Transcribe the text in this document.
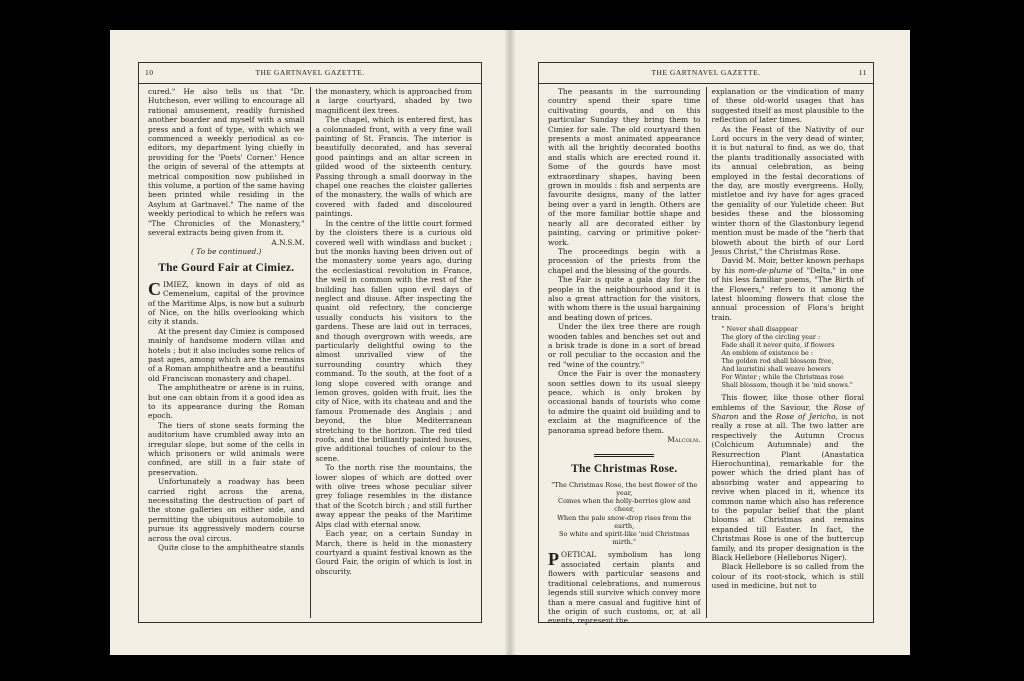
10	THE GARTNAVEL GAZETTE.

cured." He also tells us that "Dr. Hutcheson, ever willing to encourage all rational amusement, readily furnished another boarder and myself with a small press and a font of type, with which we commenced a weekly periodical as co-editors, my department lying chiefly in providing for the 'Poets' Corner.' Hence the origin of several of the attempts at metrical composition now published in this volume, a portion of the same having been printed while residing in the Asylum at Gartnavel." The name of the weekly periodical to which he refers was "The Chronicles of the Monastery," several extracts being given from it.

A.N.S.M.

( To be continued.)

The Gourd Fair at Cimiez.

CIMIEZ, known in days of old as Cemenelum, capital of the province of the Maritime Alps, is now but a suburb of Nice, on the hills overlooking which city it stands.

At the present day Cimiez is composed mainly of handsome modern villas and hotels ; but it also includes some relics of past ages, among which are the remains of a Roman amphitheatre and a beautiful old Franciscan monastery and chapel.

The amphitheatre or arène is in ruins, but one can obtain from it a good idea as to its appearance during the Roman epoch.

The tiers of stone seats forming the auditorium have crumbled away into an irregular slope, but some of the cells in which prisoners or wild animals were confined, are still in a fair state of preservation.

Unfortunately a roadway has been carried right across the arena, necessitating the destruction of part of the stone galleries on either side, and permitting the ubiquitous automobile to pursue its aggressively modern course across the oval circus.

Quite close to the amphitheatre stands

the monastery, which is approached from a large courtyard, shaded by two magnificent ilex trees.

The chapel, which is entered first, has a colonnaded front, with a very fine wall painting of St. Francis. The interior is beautifully decorated, and has several good paintings and an altar screen in gilded wood of the sixteenth century. Passing through a small doorway in the chapel one reaches the cloister galleries of the monastery, the walls of which are covered with faded and discoloured paintings.

In the centre of the little court formed by the cloisters there is a curious old covered well with windlass and bucket ; but the monks having been driven out of the monastery some years ago, during the ecclesiastical revolution in France, the well in common with the rest of the building has fallen upon evil days of neglect and disuse. After inspecting the quaint old refectory, the concierge usually conducts his visitors to the gardens. These are laid out in terraces, and though overgrown with weeds, are particularly delightful owing to the almost unrivalled view of the surrounding country which they command. To the south, at the foot of a long slope covered with orange and lemon groves, golden with fruit, lies the city of Nice, with its chateau and and the famous Promenade des Anglais ; and beyond, the blue Mediterranean stretching to the horizon. The red tiled roofs, and the brilliantly painted houses, give additional touches of colour to the scene.

To the north rise the mountains, the lower slopes of which are dotted over with olive trees whose peculiar silver grey foliage resembles in the distance that of the Scotch birch ; and still further away appear the peaks of the Maritime Alps clad with eternal snow.

Each year, on a certain Sunday in March, there is held in the monastery courtyard a quaint festival known as the Gourd Fair, the origin of which is lost in obscurity.

THE GARTNAVEL GAZETTE.	11

The peasants in the surrounding country spend their spare time cultivating gourds, and on this particular Sunday they bring them to Cimiez for sale. The old courtyard then presents a most animated appearance with all the brightly decorated booths and stalls which are erected round it. Some of the gourds have most extraordinary shapes, having been grown in moulds : fish and serpents are favourite designs, many of the latter being over a yard in length. Others are of the more familiar bottle shape and nearly all are decorated either by painting, carving or primitive poker-work.

The proceedings begin with a procession of the priests from the chapel and the blessing of the gourds.

The Fair is quite a gala day for the people in the neighbourhood and it is also a great attraction for the visitors, with whom there is the usual bargaining and beating down of prices.

Under the ilex tree there are rough wooden tables and benches set out and a brisk trade is done in a sort of bread or roll peculiar to the occasion and the red "wine of the country."

Once the Fair is over the monastery soon settles down to its usual sleepy peace, which is only broken by occasional bands of tourists who come to admire the quaint old building and to exclaim at the magnificence of the panorama spread before them.

Malcolm.

The Christmas Rose.
"The Christmas Rose, the best flower of the year,
Comes when the holly-berries glow and cheer,
When the pale snow-drop rises from the earth,
So white and spirit-like 'mid Christmas mirth."

POETICAL symbolism has long associated certain plants and flowers with particular seasons and traditional celebrations, and numerous legends still survive which convey more than a mere casual and fugitive hint of the origin of such customs, or, at all events, represent the

explanation or the vindication of many of these old-world usages that has suggested itself as most plausible to the reflection of later times.

As the Feast of the Nativity of our Lord occurs in the very dead of winter, it is but natural to find, as we do, that the plants traditionally associated with its annual celebration, as being employed in the festal decorations of the day, are mostly evergreens. Holly, mistletoe and ivy have for ages graced the geniality of our Yuletide cheer. But besides these and the blossoming winter thorn of the Glastonbury legend mention must be made of the "herb that bloweth about the birth of our Lord Jesus Christ," the Christmas Rose.

David M. Moir, better known perhaps by his nom-de-plume of "Delta," in one of his less familiar poems, "The Birth of the Flowers," refers to it among the latest blooming flowers that close the annual procession of Flora's bright train.

" Never shall disappear
The glory of the circling year :
Fade shall it never quite, if flowers
An emblem of existence be :
The golden rod shall blossom free,
And lauristini shall weave bowers
For Winter ; while the Christmas rose
Shall blossom, though it be 'mid snows."

This flower, like those other floral emblems of the Saviour, the Rose of Sharon and the Rose of Jericho, is not really a rose at all. The two latter are respectively the Autumn Crocus (Colchicum Autumnale) and the Resurrection Plant (Anastatica Hierochuntina), remarkable for the power which the dried plant has of absorbing water and appearing to revive when placed in it, whence its common name which also has reference to the popular belief that the plant blooms at Christmas and remains expanded till Easter. In fact, the Christmas Rose is one of the buttercup family, and its proper designation is the Black Hellebore (Helleborus Niger).

Black Hellebore is so called from the colour of its root-stock, which is still used in medicine, but not to
